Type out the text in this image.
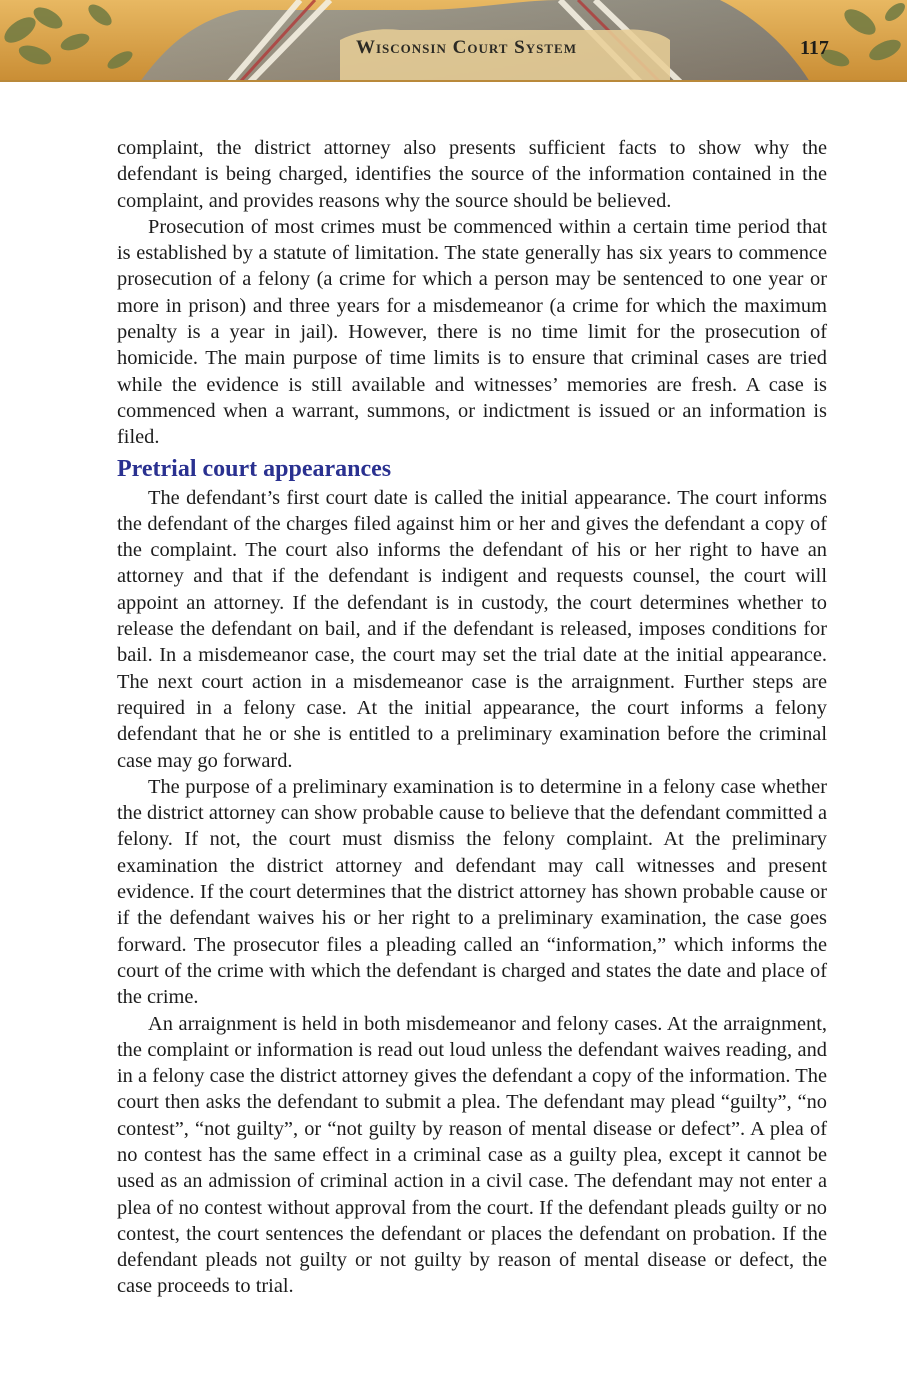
Wisconsin Court System	117

complaint, the district attorney also presents sufficient facts to show why the defendant is being charged, identifies the source of the information contained in the complaint, and provides reasons why the source should be believed.

Prosecution of most crimes must be commenced within a certain time period that is established by a statute of limitation. The state generally has six years to commence prosecution of a felony (a crime for which a person may be sentenced to one year or more in prison) and three years for a misdemeanor (a crime for which the maximum penalty is a year in jail). However, there is no time limit for the prosecution of homicide. The main purpose of time limits is to ensure that criminal cases are tried while the evidence is still available and witnesses’ memories are fresh. A case is commenced when a warrant, summons, or indictment is issued or an information is filed.

Pretrial court appearances

The defendant’s first court date is called the initial appearance. The court informs the defendant of the charges filed against him or her and gives the defendant a copy of the complaint. The court also informs the defendant of his or her right to have an attorney and that if the defendant is indigent and requests counsel, the court will appoint an attorney. If the defendant is in custody, the court determines whether to release the defendant on bail, and if the defendant is released, imposes conditions for bail. In a misdemeanor case, the court may set the trial date at the initial appearance. The next court action in a misdemeanor case is the arraignment. Further steps are required in a felony case. At the initial appearance, the court informs a felony defendant that he or she is entitled to a preliminary examination before the criminal case may go forward.

The purpose of a preliminary examination is to determine in a felony case whether the district attorney can show probable cause to believe that the defendant committed a felony. If not, the court must dismiss the felony complaint. At the preliminary examination the district attorney and defendant may call witnesses and present evidence. If the court determines that the district attorney has shown probable cause or if the defendant waives his or her right to a preliminary examination, the case goes forward. The prosecutor files a pleading called an “information,” which informs the court of the crime with which the defendant is charged and states the date and place of the crime.

An arraignment is held in both misdemeanor and felony cases. At the arraignment, the complaint or information is read out loud unless the defendant waives reading, and in a felony case the district attorney gives the defendant a copy of the information. The court then asks the defendant to submit a plea. The defendant may plead “guilty”, “no contest”, “not guilty”, or “not guilty by reason of mental disease or defect”. A plea of no contest has the same effect in a criminal case as a guilty plea, except it cannot be used as an admission of criminal action in a civil case. The defendant may not enter a plea of no contest without approval from the court. If the defendant pleads guilty or no contest, the court sentences the defendant or places the defendant on probation. If the defendant pleads not guilty or not guilty by reason of mental disease or defect, the case proceeds to trial.
